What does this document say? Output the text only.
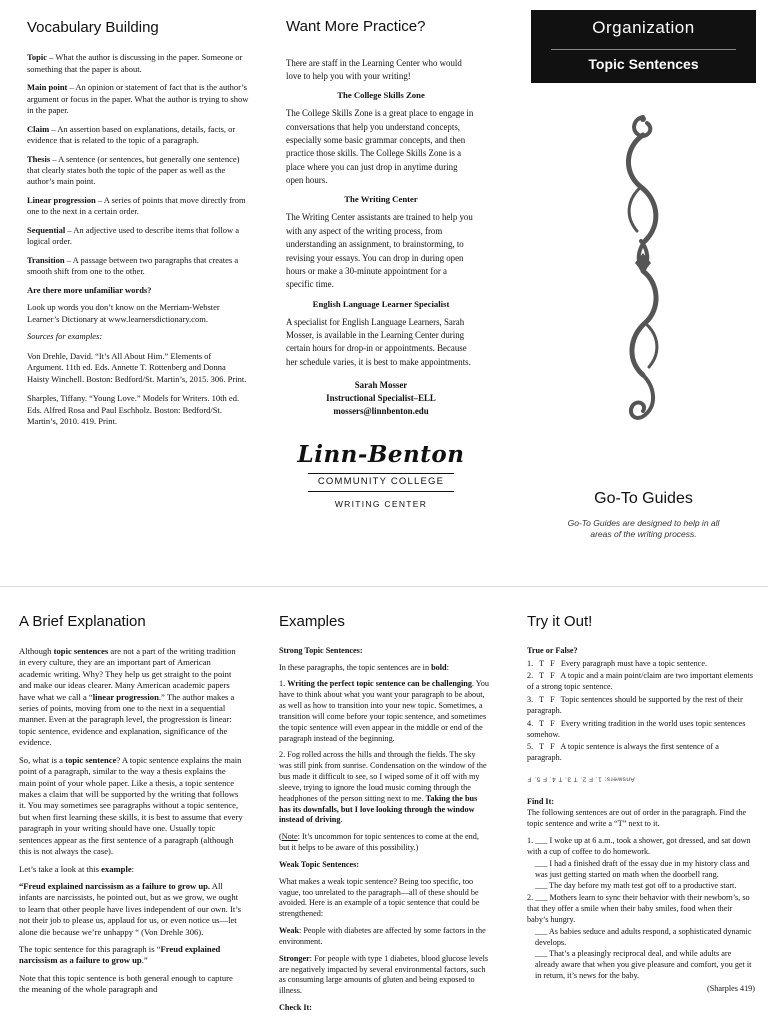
Vocabulary Building

Topic – What the author is discussing in the paper. Someone or something that the paper is about.

Main point – An opinion or statement of fact that is the author’s argument or focus in the paper. What the author is trying to show in the paper.

Claim – An assertion based on explanations, details, facts, or evidence that is related to the topic of a paragraph.

Thesis – A sentence (or sentences, but generally one sentence) that clearly states both the topic of the paper as well as the author’s main point.

Linear progression – A series of points that move directly from one to the next in a certain order.

Sequential – An adjective used to describe items that follow a logical order.

Transition – A passage between two paragraphs that creates a smooth shift from one to the other.

Are there more unfamiliar words?

Look up words you don’t know on the Merriam-Webster Learner’s Dictionary at www.learnersdictionary.com.

Sources for examples:

Von Drehle, David. “It’s All About Him.” Elements of Argument. 11th ed. Eds. Annette T. Rottenberg and Donna Haisty Winchell. Boston: Bedford/St. Martin’s, 2015. 306. Print.

Sharples, Tiffany. “Young Love.” Models for Writers. 10th ed. Eds. Alfred Rosa and Paul Eschholz. Boston: Bedford/St. Martin’s, 2010. 419. Print.

Want More Practice?

There are staff in the Learning Center who would love to help you with your writing!

The College Skills Zone

The College Skills Zone is a great place to engage in conversations that help you understand concepts, especially some basic grammar concepts, and then practice those skills. The College Skills Zone is a place where you can just drop in anytime during open hours.

The Writing Center

The Writing Center assistants are trained to help you with any aspect of the writing process, from understanding an assignment, to brainstorming, to revising your essays. You can drop in during open hours or make a 30-minute appointment for a specific time.

English Language Learner Specialist

A specialist for English Language Learners, Sarah Mosser, is available in the Learning Center during certain hours for drop-in or appointments. Because her schedule varies, it is best to make appointments.

Sarah Mosser
Instructional Specialist–ELL
mossers@linnbenton.edu
Linn-Benton
COMMUNITY COLLEGE
WRITING CENTER
Organization
Topic Sentences
Go-To Guides
Go-To Guides are designed to help in all areas of the writing process.
A Brief Explanation

Although topic sentences are not a part of the writing tradition in every culture, they are an important part of American academic writing. Why? They help us get straight to the point and make our ideas clearer. Many American academic papers have what we call a “linear progression.” The author makes a series of points, moving from one to the next in a sequential manner. Even at the paragraph level, the progression is linear: topic sentence, evidence and explanation, significance of the evidence.

So, what is a topic sentence? A topic sentence explains the main point of a paragraph, similar to the way a thesis explains the main point of your whole paper. Like a thesis, a topic sentence makes a claim that will be supported by the writing that follows it. You may sometimes see paragraphs without a topic sentence, but when first learning these skills, it is best to assume that every paragraph in your writing should have one. Usually topic sentences appear as the first sentence of a paragraph (although this is not always the case).

Let’s take a look at this example:

“Freud explained narcissism as a failure to grow up. All infants are narcissists, he pointed out, but as we grow, we ought to learn that other people have lives independent of our own. It’s not their job to please us, applaud for us, or even notice us—let alone die because we’re unhappy “ (Von Drehle 306).

The topic sentence for this paragraph is “Freud explained narcissism as a failure to grow up.”

Note that this topic sentence is both general enough to capture the meaning of the whole paragraph and

Examples

Strong Topic Sentences:

In these paragraphs, the topic sentences are in bold:

1. Writing the perfect topic sentence can be challenging. You have to think about what you want your paragraph to be about, as well as how to transition into your new topic. Sometimes, a transition will come before your topic sentence, and sometimes the topic sentence will even appear in the middle or end of the paragraph instead of the beginning.

2. Fog rolled across the hills and through the fields. The sky was still pink from sunrise. Condensation on the window of the bus made it difficult to see, so I wiped some of it off with my sleeve, trying to ignore the loud music coming through the headphones of the person sitting next to me. Taking the bus has its downfalls, but I love looking through the window instead of driving.

(Note: It’s uncommon for topic sentences to come at the end, but it helps to be aware of this possibility.)

Weak Topic Sentences:

What makes a weak topic sentence? Being too specific, too vague, too unrelated to the paragraph—all of these should be avoided. Here is an example of a topic sentence that could be strengthened:

Weak: People with diabetes are affected by some factors in the environment.

Stronger: For people with type 1 diabetes, blood glucose levels are negatively impacted by several environmental factors, such as consuming large amounts of gluten and being exposed to illness.

Check It:

Try it Out!

True or False?

1.   T   F   Every paragraph must have a topic sentence.
2.   T   F   A topic and a main point/claim are two important elements of a strong topic sentence.
3.   T   F   Topic sentences should be supported by the rest of their paragraph.
4.   T   F   Every writing tradition in the world uses topic sentences somehow.
5.   T   F   A topic sentence is always the first sentence of a paragraph.
Answers: 1. F 2. T 3. T 4. F 5. F

Find It:

The following sentences are out of order in the paragraph. Find the topic sentence and write a “T” next to it.

1. ___ I woke up at 6 a.m., took a shower, got dressed, and sat down with a cup of coffee to do homework.
___ I had a finished draft of the essay due in my history class and was just getting started on math when the doorbell rang.
___ The day before my math test got off to a productive start.
2. ___ Mothers learn to sync their behavior with their newborn’s, so that they offer a smile when their baby smiles, food when their baby’s hungry.
___ As babies seduce and adults respond, a sophisticated dynamic develops.
___ That’s a pleasingly reciprocal deal, and while adults are already aware that when you give pleasure and comfort, you get it in return, it’s news for the baby.

(Sharples 419)
